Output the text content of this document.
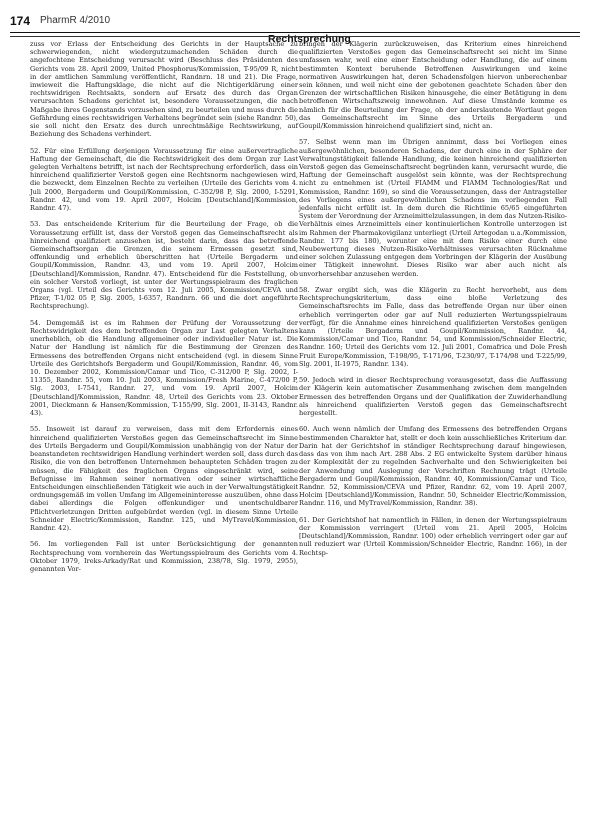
174 PharmR 4/2010
Rechtsprechung

zuss vor Erlass der Entscheidung des Gerichts in der Hauptsache zu schwerwiegenden, nicht wiedergutzumachenden Schäden durch die angefochtene Entscheidung verursacht wird (Beschluss des Präsidenten des Gerichts vom 28. April 2009, United Phosphorus/Kommission, T-95/09 R, nicht in der amtlichen Sammlung veröffentlicht, Randnrn. 18 und 21). Die Frage, inwieweit die Haftungsklage, die nicht auf die Nichtigerklärung einer rechtswidrigen Rechtsakts, sondern auf Ersatz des durch das Organ verursachten Schadens gerichtet ist, besondere Voraussetzungen, die nach Maßgabe ihres Gegenstands vorzusehen sind, zu beurteilen und muss durch die Gefährdung eines rechtswidrigen Verhaltens begründet sein (siehe Randnr. 50), sie soll nicht den Ersatz des durch unrechtmäßige Rechtswirkung, auf Beziehung des Schadens verhindert.

52. Für eine Erfüllung derjenigen Voraussetzung für eine außervertragliche Haftung der Gemeinschaft, die die Rechtswidrigkeit des dem Organ zur Last gelegten Verhaltens betrifft, ist nach der Rechtsprechung erforderlich, dass ein hinreichend qualifizierter Verstoß gegen eine Rechtsnorm nachgewiesen wird, die bezweckt, dem Einzelnen Rechte zu verleihen (Urteile des Gerichts vom 4. Juli 2000, Bergaderm und Goupil/Kommission, C-352/98 P, Slg. 2000, I-5291, Randnr. 42, und vom 19. April 2007, Holcim [Deutschland]/Kommission, Randnr. 47).

53. Das entscheidende Kriterium für die Beurteilung der Frage, ob die Voraussetzung erfüllt ist, dass der Verstoß gegen das Gemeinschaftsrecht als hinreichend qualifiziert anzusehen ist, besteht darin, dass das betreffende Gemeinschaftsorgan die Grenzen, die seinem Ermessen gesetzt sind, offenkundig und erheblich überschritten hat (Urteile Bergaderm und Goupil/Kommission, Randnr. 43, und vom 19. April 2007, Holcim [Deutschland]/Kommission, Randnr. 47). Entscheidend für die Feststellung, ob ein solcher Verstoß vorliegt, ist unter der Wertungsspielraum des fraglichen Organs (vgl. Urteil des Gerichts vom 12. Juli 2005, Kommission/CEVA und Pfizer, T-1/02 05 P, Slg. 2005, I-6357, Randnrn. 66 und die dort angeführte Rechtsprechung).

54. Demgemäß ist es im Rahmen der Prüfung der Voraussetzung der Rechtswidrigkeit des dem betreffenden Organ zur Last gelegten Verhaltens unerheblich, ob die Handlung allgemeiner oder individueller Natur ist. Die Natur der Handlung ist nämlich für die Bestimmung der Grenzen des Ermessens des betreffenden Organs nicht entscheidend (vgl. in diesem Sinne Urteile des Gerichtshofs Bergaderm und Goupil/Kommission, Randnr. 46, vom 10. Dezember 2002, Kommission/Camar und Tico, C-312/00 P, Slg. 2002, I-11355, Randnr. 55, vom 10. Juli 2003, Kommission/Fresh Marine, C-472/00 P, Slg. 2003, I-7541, Randnr. 27, und vom 19. April 2007, Holcim [Deutschland]/Kommission, Randnr. 48, Urteil des Gerichts vom 23. Oktober 2001, Dieckmann & Hansen/Kommission, T-155/99, Slg. 2001, II-3143, Randnr. 43).

55. Insoweit ist darauf zu verweisen, dass mit dem Erfordernis eines hinreichend qualifizierten Verstoßes gegen das Gemeinschaftsrecht im Sinne des Urteils Bergaderm und Goupil/Kommission unabhängig von der Natur der beanstandeten rechtswidrigen Handlung verhindert werden soll, dass durch das Risiko, die von den betroffenen Unternehmen behaupteten Schäden tragen zu müssen, die Fähigkeit des fraglichen Organs eingeschränkt wird, seine Befugnisse im Rahmen seiner normativen oder seiner wirtschaftliche Entscheidungen einschließenden Tätigkeit wie auch in der Verwaltungstätigkeit ordnungsgemäß im vollen Umfang im Allgemeininteresse auszuüben, ohne dass dabei allerdings die Folgen offenkundiger und unentschuldbarer Pflichtverletzungen Dritten aufgebürdet werden (vgl. in diesem Sinne Urteile Schneider Electric/Kommission, Randnr. 125, und MyTravel/Kommission, Randnr. 42).

56. Im vorliegenden Fall ist unter Berücksichtigung der genannten Rechtsprechung vom vornherein das Wertungsspielraum des Gerichts vom 4. Oktober 1979, Ireks-Arkady/Rat und Kommission, 238/78, Slg. 1979, 2955), genannten Vor-

bringen der Klägerin zurückzuweisen, das Kriterium eines hinreichend qualifizierten Verstoßes gegen das Gemeinschaftsrecht sei nicht im Sinne umfassen wahr, weil eine einer Entscheidung oder Handlung, die auf einem bestimmten Kontext beruhende Betroffenen Auswirkungen und keine normativen Auswirkungen hat, deren Schadensfolgen hiervon unberechenbar sein können, und weil nicht eine der gebotenen geachtete Schaden über den Grenzen der wirtschaftlichen Risiken hinausgehe, die einer Betätigung in dem betroffenen Wirtschaftszweig innewohnen. Auf diese Umstände komme es nämlich für die Beurteilung der Frage, ob der anderslautende Wortlaut gegen das Gemeinschaftsrecht im Sinne des Urteils Bergaderm und Goupil/Kommission hinreichend qualifiziert sind, nicht an.

57. Selbst wenn man im Übrigen annimmt, dass bei Vorliegen eines außergewöhnlichen, besonderen Schadens, der durch eine in der Sphäre der Verwaltungstätigkeit fallende Handlung, die keinen hinreichend qualifizierten Verstoß gegen das Gemeinschaftsrecht begründen kann, verursacht wurde, die Haftung der Gemeinschaft ausgelöst sein könnte, was der Rechtsprechung nicht zu entnehmen ist (Urteil FIAMM und FIAMM Technologies/Rat und Kommission, Randnr. 169), so sind die Voraussetzungen, dass der Antragsteller des Vorliegens eines außergewöhnlichen Schadens im vorliegenden Fall jedenfalls nicht erfüllt ist. In dem durch die Richtlinie 65/65 eingeführten System der Verordnung der Arzneimittelzulassungen, in dem das Nutzen-Risiko-Verhältnis eines Arzneimittels einer kontinuierlichen Kontrolle unterzogen ist im Rahmen der Pharmakovigilanz unterliegt (Urteil Artegodan u.a./Kommission, Randnr. 177 bis 180), worunter eine mit dem Risiko einer durch eine Neubewertung dieses Nutzen-Risiko-Verhältnisses verursachten Rücknahme einer solchen Zulassung entgegen dem Vorbringen der Klägerin der Ausübung einer Tätigkeit innewohnt. Dieses Risiko war aber auch nicht als unvorhersehbar anzusehen werden.

58. Zwar ergibt sich, was die Klägerin zu Recht hervorhebt, aus dem Rechtsprechungskriterium, dass eine bloße Verletzung des Gemeinschaftsrechts im Falle, dass das betreffende Organ nur über einen erheblich verringerten oder gar auf Null reduzierten Wertungsspielraum verfügt, für die Annahme eines hinreichend qualifizierten Verstoßes genügen kann (Urteile Bergaderm und Goupil/Kommission, Randnr. 44, Kommission/Camar und Tico, Randnr. 54, und Kommission/Schneider Electric, Randnr. 160; Urteil des Gerichts vom 12. Juli 2001, Comafrica und Dole Fresh Fruit Europe/Kommission, T-198/95, T-171/96, T-230/97, T-174/98 und T-225/99, Slg. 2001, II-1975, Randnr. 134).

59. Jedoch wird in dieser Rechtsprechung vorausgesetzt, dass die Auffassung der Klägerin kein automatischer Zusammenhang zwischen dem mangelnden Ermessen des betreffenden Organs und der Qualifikation der Zuwiderhandlung als hinreichend qualifizierten Verstoß gegen das Gemeinschaftsrecht hergestellt.

60. Auch wenn nämlich der Umfang des Ermessens des betreffenden Organs bestimmenden Charakter hat, stellt er doch kein ausschließliches Kriterium dar. Darin hat der Gerichtshof in ständiger Rechtsprechung darauf hingewiesen, dass das von ihm nach Art. 288 Abs. 2 EG entwickelte System darüber hinaus der Komplexität der zu regelnden Sachverhalte und den Schwierigkeiten bei der Anwendung und Auslegung der Vorschriften Rechnung trägt (Urteile Bergaderm und Goupil/Kommission, Randnr. 40, Kommission/Camar und Tico, Randnr. 52, Kommission/CEVA und Pfizer, Randnr. 62, vom 19. April 2007, Holcim [Deutschland]/Kommission, Randnr. 50, Schneider Electric/Kommission, Randnr. 116, und MyTravel/Kommission, Randnr. 38).

61. Der Gerichtshof hat namentlich in Fällen, in denen der Wertungsspielraum der Kommission verringert (Urteil vom 21. April 2005, Holcim [Deutschland]/Kommission, Randnr. 100) oder erheblich verringert oder gar auf null reduziert war (Urteil Kommission/Schneider Electric, Randnr. 166), in der Rechtsp-
